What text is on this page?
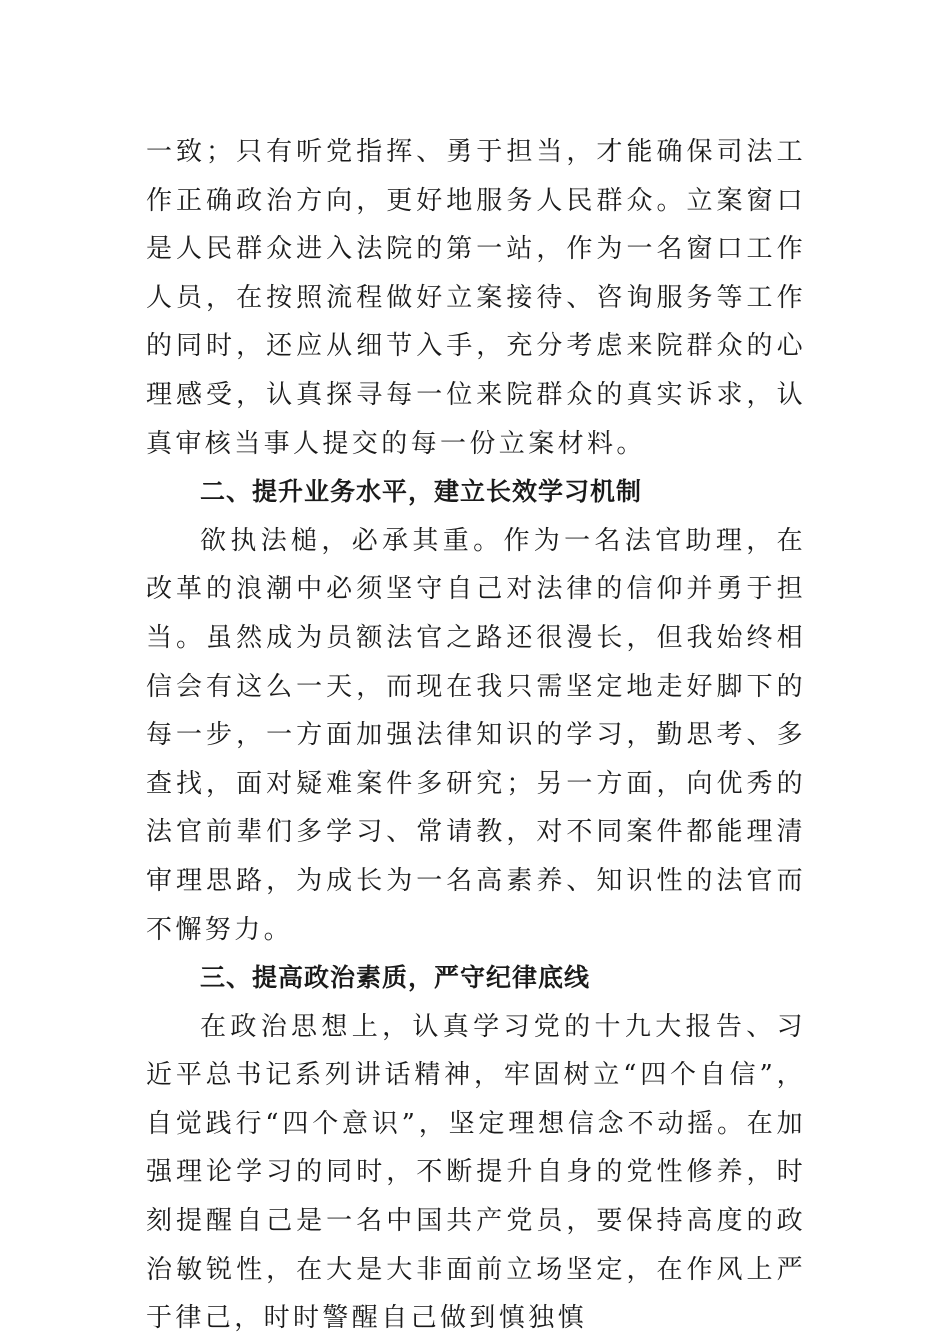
一致；只有听党指挥、勇于担当，才能确保司法工作正确政治方向，更好地服务人民群众。立案窗口是人民群众进入法院的第一站，作为一名窗口工作人员，在按照流程做好立案接待、咨询服务等工作的同时，还应从细节入手，充分考虑来院群众的心理感受，认真探寻每一位来院群众的真实诉求，认真审核当事人提交的每一份立案材料。

二、提升业务水平，建立长效学习机制

欲执法槌，必承其重。作为一名法官助理，在改革的浪潮中必须坚守自己对法律的信仰并勇于担当。虽然成为员额法官之路还很漫长，但我始终相信会有这么一天，而现在我只需坚定地走好脚下的每一步，一方面加强法律知识的学习，勤思考、多查找，面对疑难案件多研究；另一方面，向优秀的法官前辈们多学习、常请教，对不同案件都能理清审理思路，为成长为一名高素养、知识性的法官而不懈努力。

三、提高政治素质，严守纪律底线

在政治思想上，认真学习党的十九大报告、习近平总书记系列讲话精神，牢固树立“四个自信”，自觉践行“四个意识”，坚定理想信念不动摇。在加强理论学习的同时，不断提升自身的党性修养，时刻提醒自己是一名中国共产党员，要保持高度的政治敏锐性，在大是大非面前立场坚定，在作风上严于律己，时时警醒自己做到慎独慎
